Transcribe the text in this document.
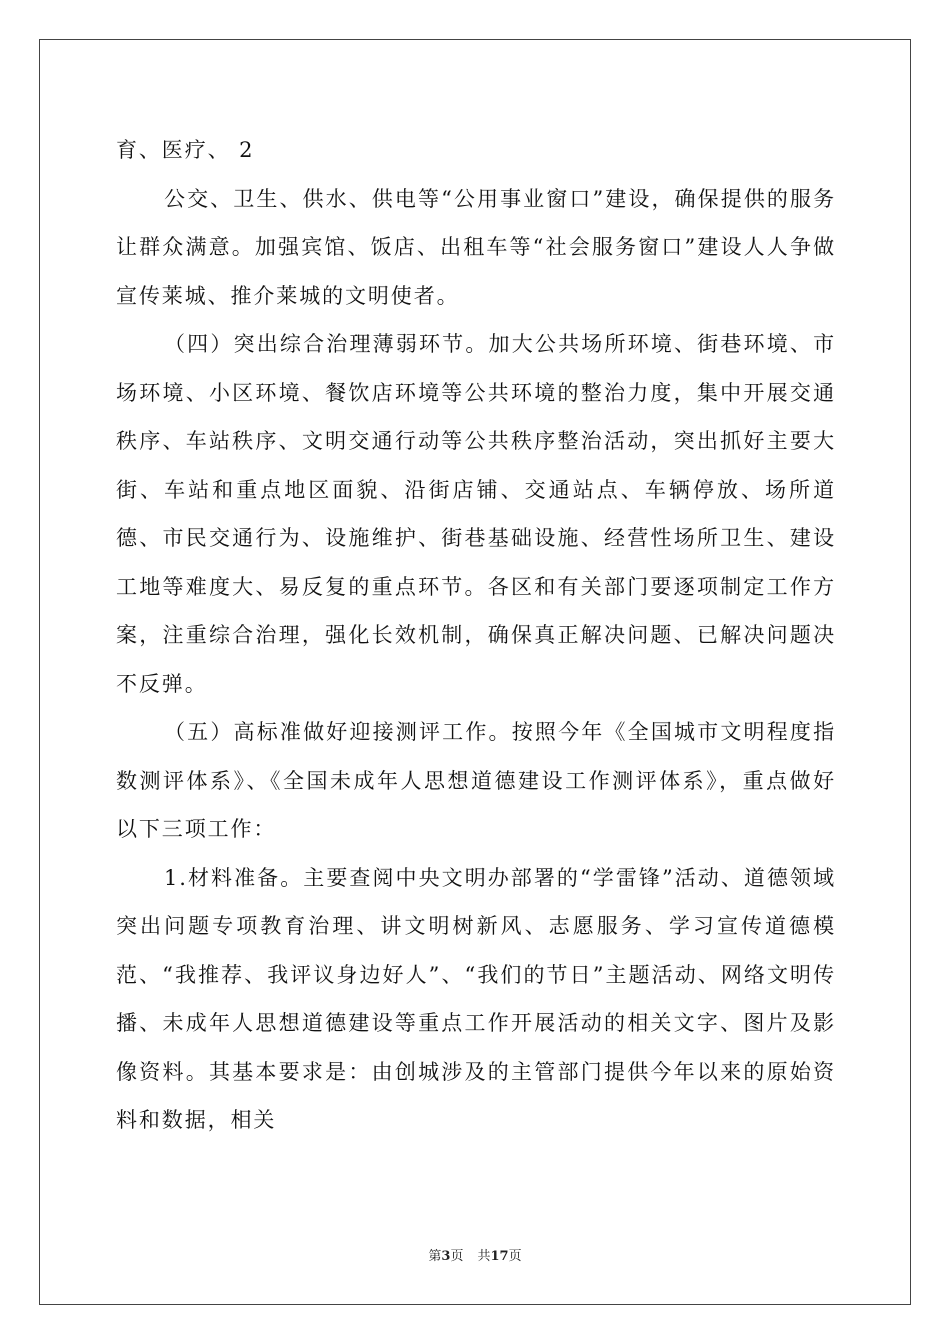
育、医疗、 2

公交、卫生、供水、供电等“公用事业窗口”建设，确保提供的服务让群众满意。加强宾馆、饭店、出租车等“社会服务窗口”建设人人争做宣传莱城、推介莱城的文明使者。

（四）突出综合治理薄弱环节。加大公共场所环境、街巷环境、市场环境、小区环境、餐饮店环境等公共环境的整治力度，集中开展交通秩序、车站秩序、文明交通行动等公共秩序整治活动，突出抓好主要大街、车站和重点地区面貌、沿街店铺、交通站点、车辆停放、场所道德、市民交通行为、设施维护、街巷基础设施、经营性场所卫生、建设工地等难度大、易反复的重点环节。各区和有关部门要逐项制定工作方案，注重综合治理，强化长效机制，确保真正解决问题、已解决问题决不反弹。

（五）高标准做好迎接测评工作。按照今年《全国城市文明程度指数测评体系》、《全国未成年人思想道德建设工作测评体系》，重点做好以下三项工作：

1.材料准备。主要查阅中央文明办部署的“学雷锋”活动、道德领域突出问题专项教育治理、讲文明树新风、志愿服务、学习宣传道德模范、“我推荐、我评议身边好人”、“我们的节日”主题活动、网络文明传播、未成年人思想道德建设等重点工作开展活动的相关文字、图片及影像资料。其基本要求是：由创城涉及的主管部门提供今年以来的原始资料和数据，相关

第3页 共17页
